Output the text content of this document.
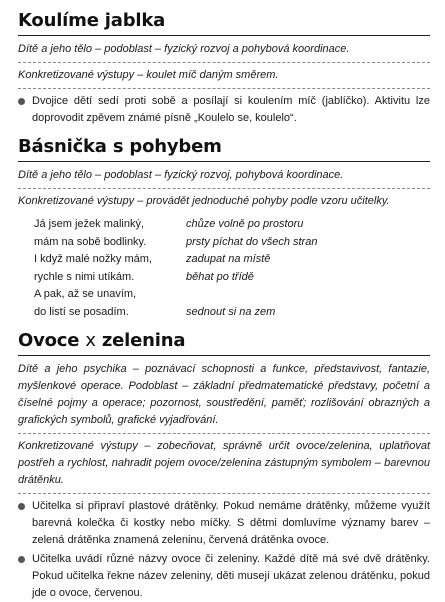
Koulíme jablka

Dítě a jeho tělo – podoblast – fyzický rozvoj a pohybová koordinace.

Konkretizované výstupy – koulet míč daným směrem.

Dvojice dětí sedí proti sobě a posílají si koulením míč (jablíčko). Aktivitu lze doprovodit zpěvem známé písně „Koulelo se, koulelo“.
Básnička s pohybem

Dítě a jeho tělo – podoblast – fyzický rozvoj, pohybová koordinace.

Konkretizované výstupy – provádět jednoduché pohyby podle vzoru učitelky.

Já jsem ježek malinký,	chůze volně po prostoru
mám na sobě bodlinky.	prsty píchat do všech stran
I když malé nožky mám,	zadupat na místě
rychle s nimi utíkám.	běhat po třídě
A pak, až se unavím,
do listí se posadím.	sednout si na zem
Ovoce x zelenina

Dítě a jeho psychika – poznávací schopnosti a funkce, představivost, fantazie, myšlenkové operace. Podoblast – základní předmatematické představy, početní a číselné pojmy a operace; pozornost, soustředění, paměť; rozlišování obrazných a grafických symbolů, grafické vyjadřování.

Konkretizované výstupy – zobecňovat, správně určit ovoce/zelenina, uplatňovat postřeh a rychlost, nahradit pojem ovoce/zelenina zástupným symbolem – barevnou drátěnku.

Učitelka si připraví plastové drátěnky. Pokud nemáme drátěnky, můžeme využít barevná kolečka či kostky nebo míčky. S dětmi domluvíme významy barev – zelená drátěnka znamená zeleninu, červená drátěnka ovoce.
Učitelka uvádí různé názvy ovoce či zeleniny. Každé dítě má své dvě drátěnky. Pokud učitelka řekne název zeleniny, děti musejí ukázat zelenou drátěnku, pokud jde o ovoce, červenou.
